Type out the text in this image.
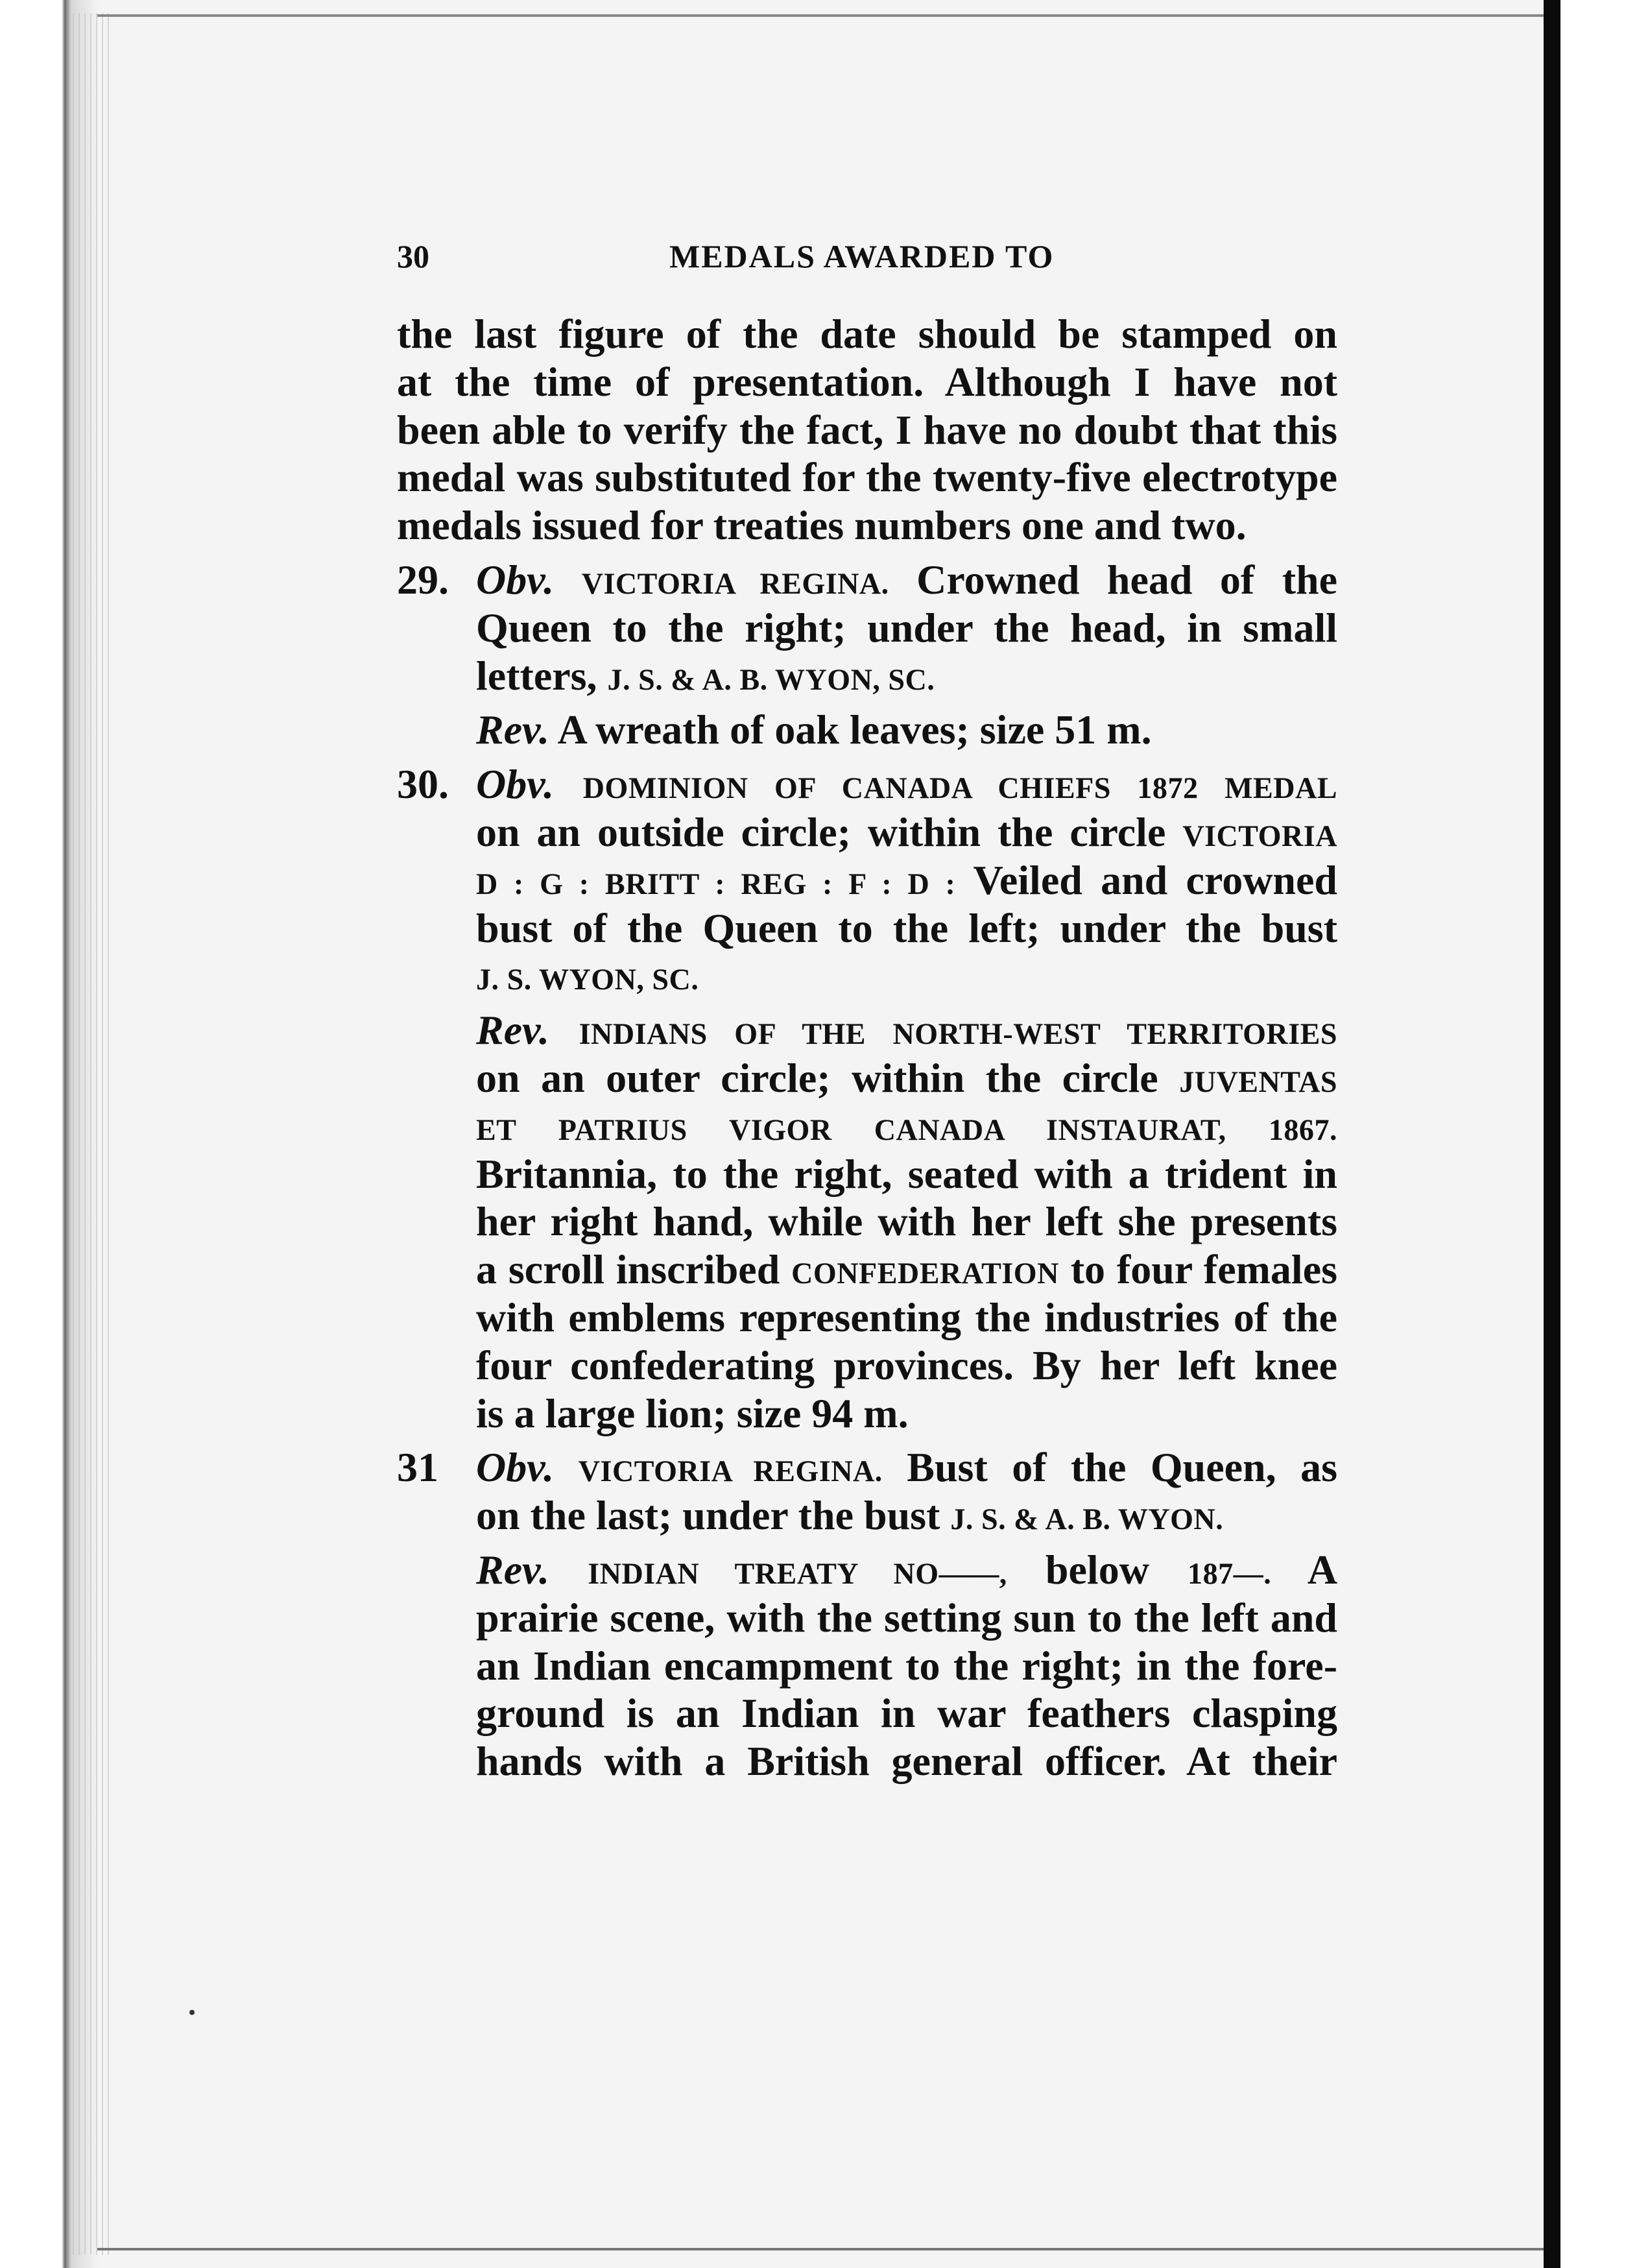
30	MEDALS AWARDED TO
the last figure of the date should be stamped on
at the time of presentation. Although I have not
been able to verify the fact, I have no doubt that this
medal was substituted for the twenty-five electrotype
medals issued for treaties numbers one and two.
29. Obv. VICTORIA REGINA. Crowned head of the
Queen to the right; under the head, in small
letters, J. S. & A. B. WYON, SC.
Rev. A wreath of oak leaves; size 51 m.
30. Obv. DOMINION OF CANADA CHIEFS 1872 MEDAL
on an outside circle; within the circle VICTORIA
D : G : BRITT : REG : F : D : Veiled and crowned
bust of the Queen to the left; under the bust
J. S. WYON, SC.
Rev. INDIANS OF THE NORTH-WEST TERRITORIES
on an outer circle; within the circle JUVENTAS
ET PATRIUS VIGOR CANADA INSTAURAT, 1867.
Britannia, to the right, seated with a trident in
her right hand, while with her left she presents
a scroll inscribed CONFEDERATION to four females
with emblems representing the industries of the
four confederating provinces. By her left knee
is a large lion; size 94 m.
31 Obv. VICTORIA REGINA. Bust of the Queen, as
on the last; under the bust J. S. & A. B. WYON.
Rev. INDIAN TREATY NO——, below 187—. A
prairie scene, with the setting sun to the left and
an Indian encampment to the right; in the fore-
ground is an Indian in war feathers clasping
hands with a British general officer. At their
